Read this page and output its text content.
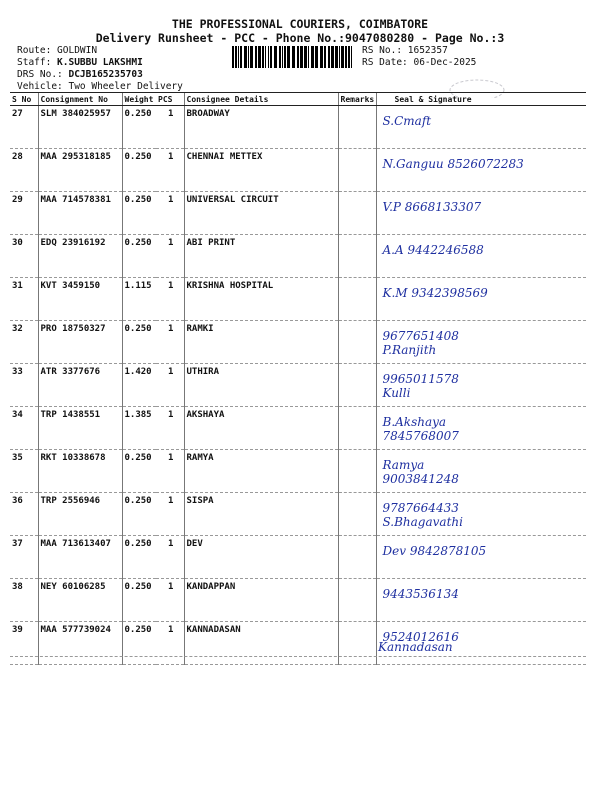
THE PROFESSIONAL COURIERS, COIMBATORE
Delivery Runsheet - PCC - Phone No.:9047080280 - Page No.:3
Route: GOLDWIN
Staff: K.SUBBU LAKSHMI
DRS No.: DCJB165235703
Vehicle: Two Wheeler Delivery
RS No.: 1652357
RS Date: 06-Dec-2025
S No	Consignment No	Weight	PCS	Consignee Details	Remarks	Seal & Signature
27	SLM 384025957	0.250	1	BROADWAY		S.Cmaft

28	MAA 295318185	0.250	1	CHENNAI METTEX		N.Ganguu 8526072283

29	MAA 714578381	0.250	1	UNIVERSAL CIRCUIT		V.P 8668133307

30	EDQ 23916192	0.250	1	ABI PRINT		A.A 9442246588

31	KVT 3459150	1.115	1	KRISHNA HOSPITAL		K.M 9342398569

32	PRO 18750327	0.250	1	RAMKI		9677651408
P.Ranjith

33	ATR 3377676	1.420	1	UTHIRA		9965011578
Kulli

34	TRP 1438551	1.385	1	AKSHAYA		B.Akshaya
7845768007

35	RKT 10338678	0.250	1	RAMYA		Ramya
9003841248

36	TRP 2556946	0.250	1	SISPA		9787664433
S.Bhagavathi

37	MAA 713613407	0.250	1	DEV		Dev 9842878105

38	NEY 60106285	0.250	1	KANDAPPAN		9443536134

39	MAA 577739024	0.250	1	KANNADASAN		9524012616
Kannadasan
